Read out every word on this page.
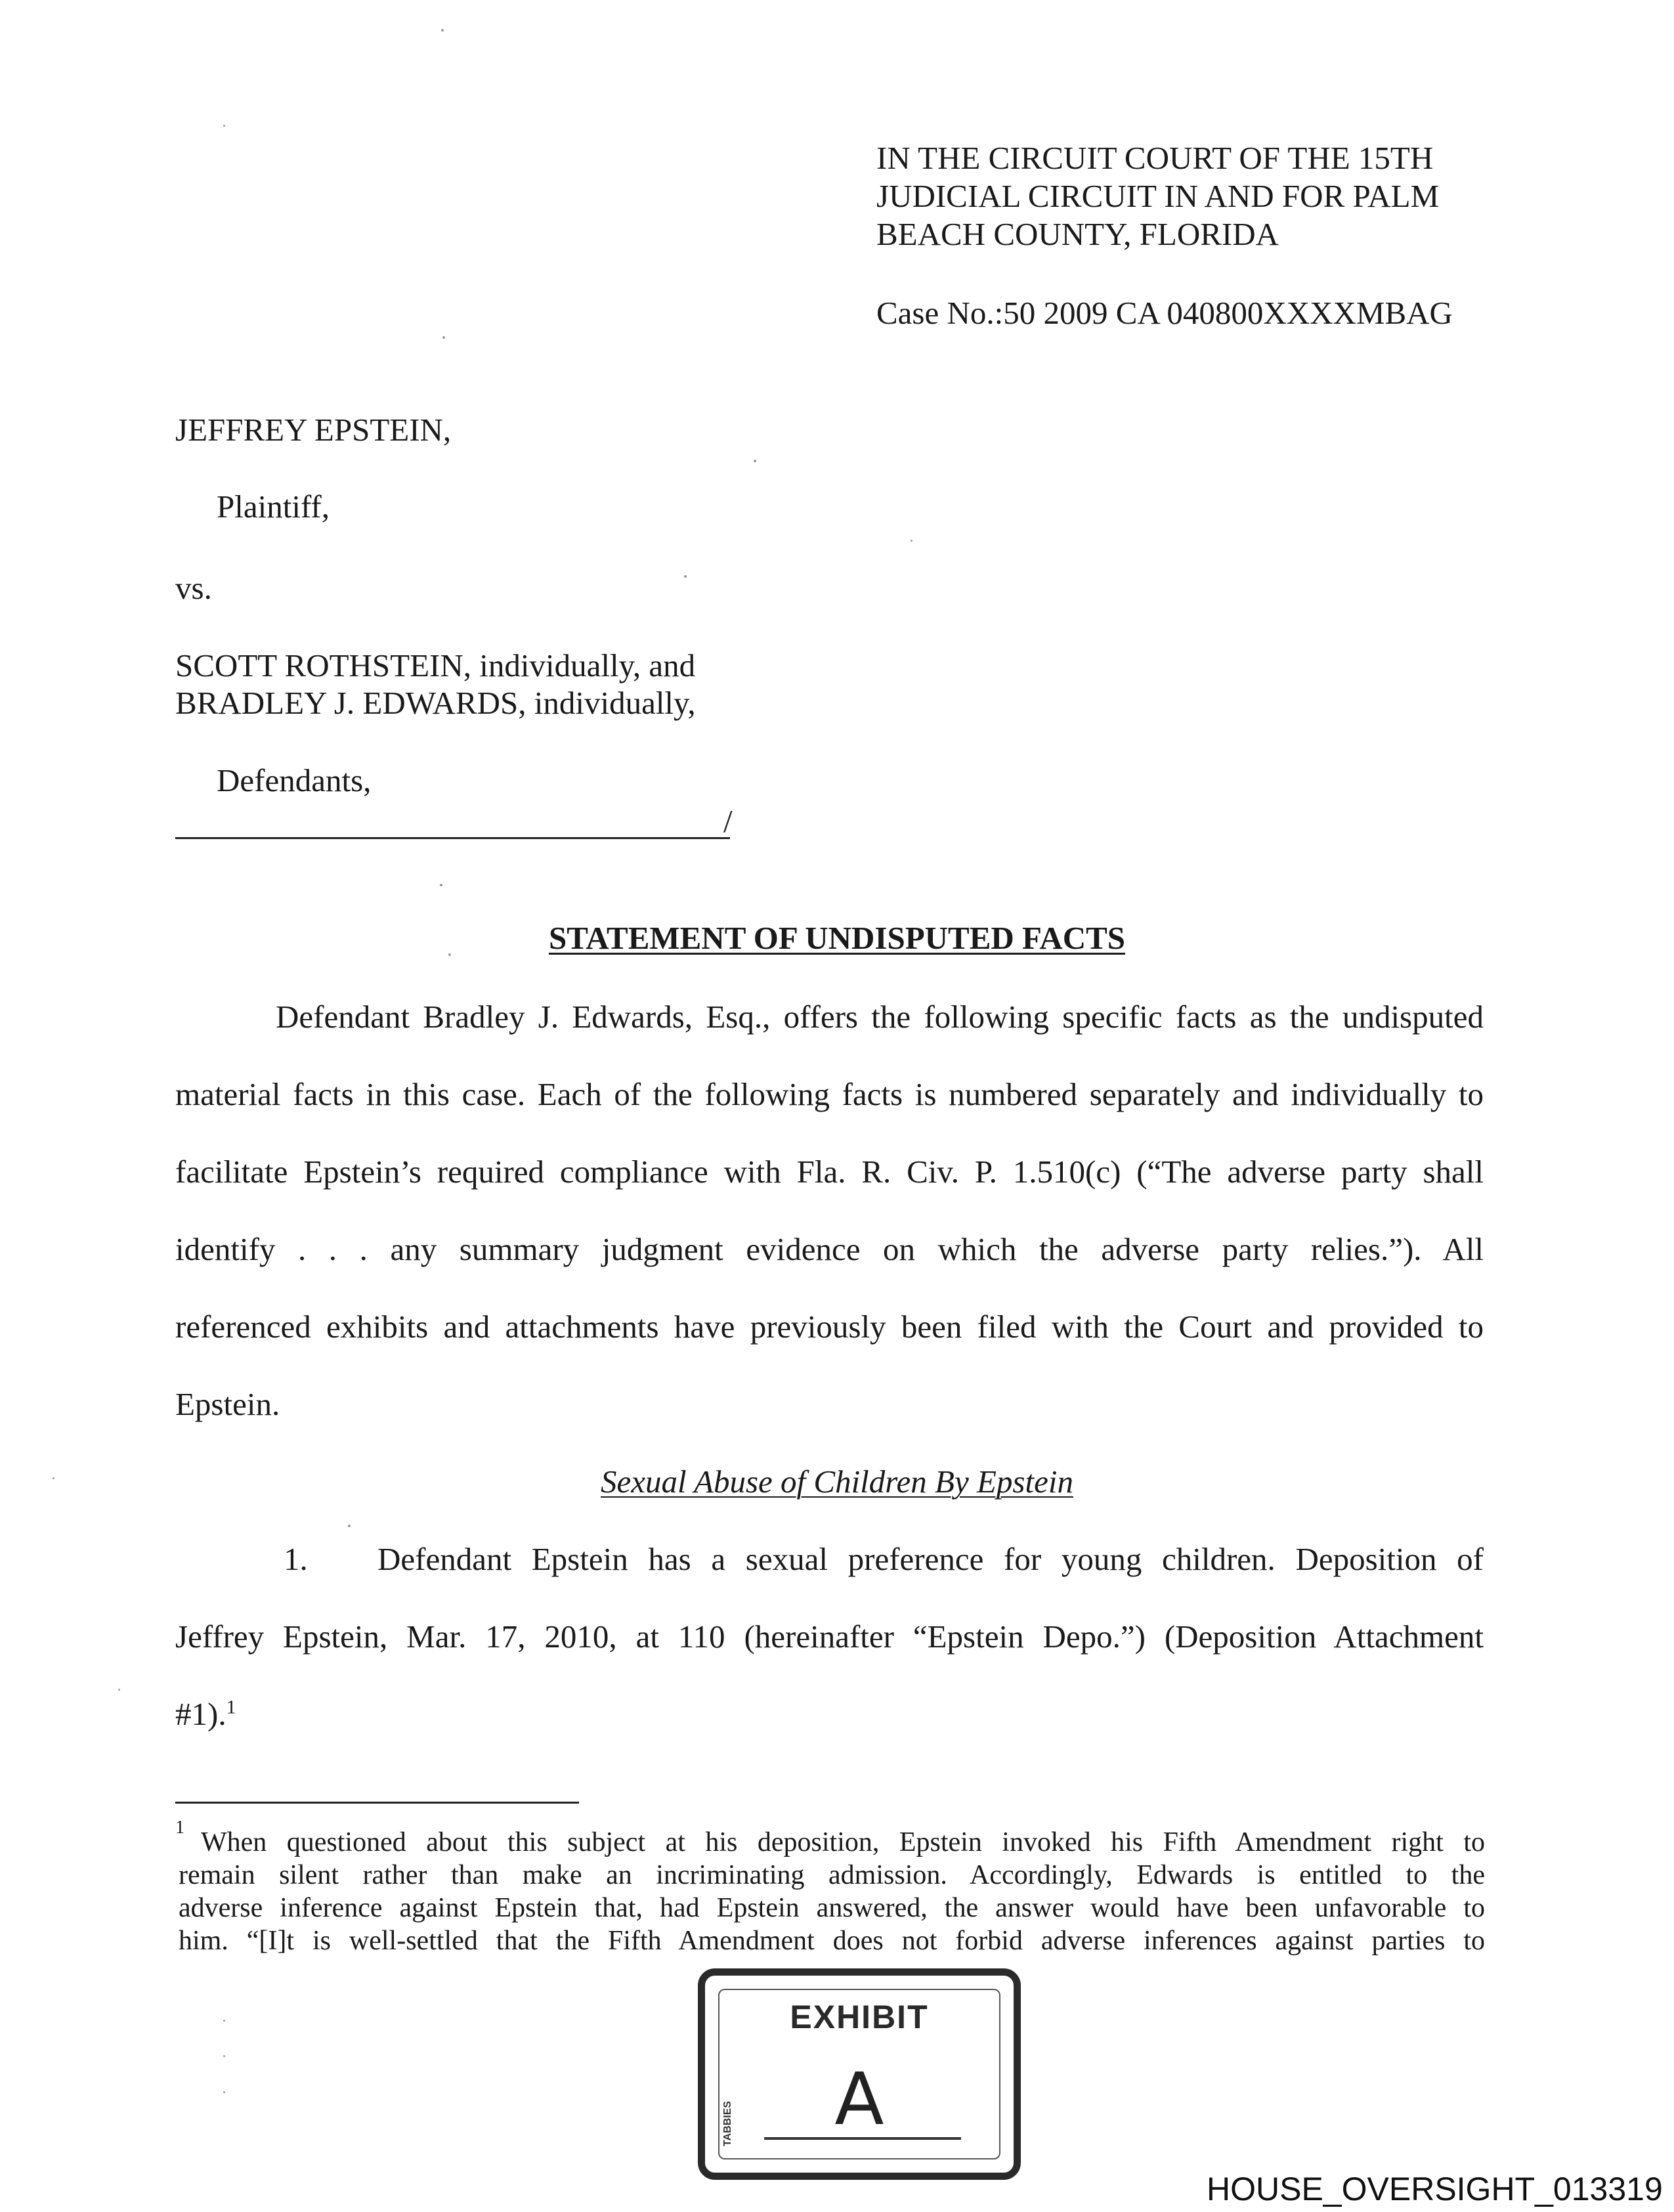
IN THE CIRCUIT COURT OF THE 15TH
JUDICIAL CIRCUIT IN AND FOR PALM
BEACH COUNTY, FLORIDA
Case No.:50 2009 CA 040800XXXXMBAG
JEFFREY EPSTEIN,
Plaintiff,
vs.
SCOTT ROTHSTEIN, individually, and
BRADLEY J. EDWARDS, individually,
Defendants,
/
STATEMENT OF UNDISPUTED FACTS
Defendant Bradley J. Edwards, Esq., offers the following specific facts as the undisputed
material facts in this case. Each of the following facts is numbered separately and individually to
facilitate Epstein’s required compliance with Fla. R. Civ. P. 1.510(c) (“The adverse party shall
identify . . . any summary judgment evidence on which the adverse party relies.”). All
referenced exhibits and attachments have previously been filed with the Court and provided to
Epstein.
Sexual Abuse of Children By Epstein
1. Defendant Epstein has a sexual preference for young children. Deposition of
Jeffrey Epstein, Mar. 17, 2010, at 110 (hereinafter “Epstein Depo.”) (Deposition Attachment
#1).$^1$
1 When questioned about this subject at his deposition, Epstein invoked his Fifth Amendment right to
remain silent rather than make an incriminating admission. Accordingly, Edwards is entitled to the
adverse inference against Epstein that, had Epstein answered, the answer would have been unfavorable to
him. “[I]t is well-settled that the Fifth Amendment does not forbid adverse inferences against parties to
EXHIBIT
TABBIES	A
HOUSE_OVERSIGHT_013319
